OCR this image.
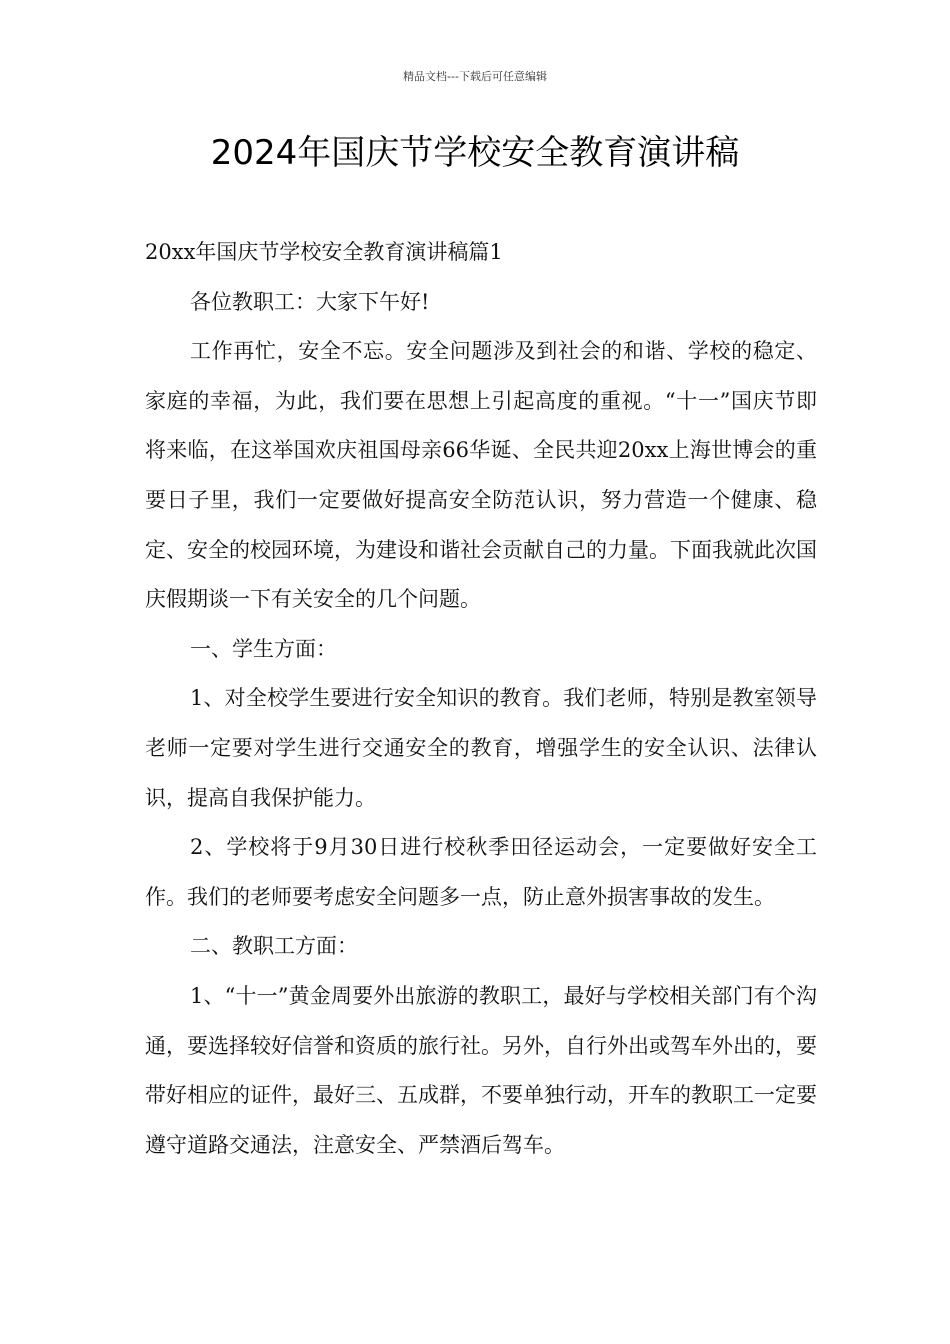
精品文档---下载后可任意编辑
2024年国庆节学校安全教育演讲稿

20xx年国庆节学校安全教育演讲稿篇1

各位教职工：大家下午好!

工作再忙，安全不忘。安全问题涉及到社会的和谐、学校的稳定、家庭的幸福，为此，我们要在思想上引起高度的重视。“十一”国庆节即将来临，在这举国欢庆祖国母亲66华诞、全民共迎20xx上海世博会的重要日子里，我们一定要做好提高安全防范认识，努力营造一个健康、稳定、安全的校园环境，为建设和谐社会贡献自己的力量。下面我就此次国庆假期谈一下有关安全的几个问题。

一、学生方面：

1、对全校学生要进行安全知识的教育。我们老师，特别是教室领导老师一定要对学生进行交通安全的教育，增强学生的安全认识、法律认识，提高自我保护能力。

2、学校将于9月30日进行校秋季田径运动会，一定要做好安全工作。我们的老师要考虑安全问题多一点，防止意外损害事故的发生。

二、教职工方面：

1、“十一”黄金周要外出旅游的教职工，最好与学校相关部门有个沟通，要选择较好信誉和资质的旅行社。另外，自行外出或驾车外出的，要带好相应的证件，最好三、五成群，不要单独行动，开车的教职工一定要遵守道路交通法，注意安全、严禁酒后驾车。
